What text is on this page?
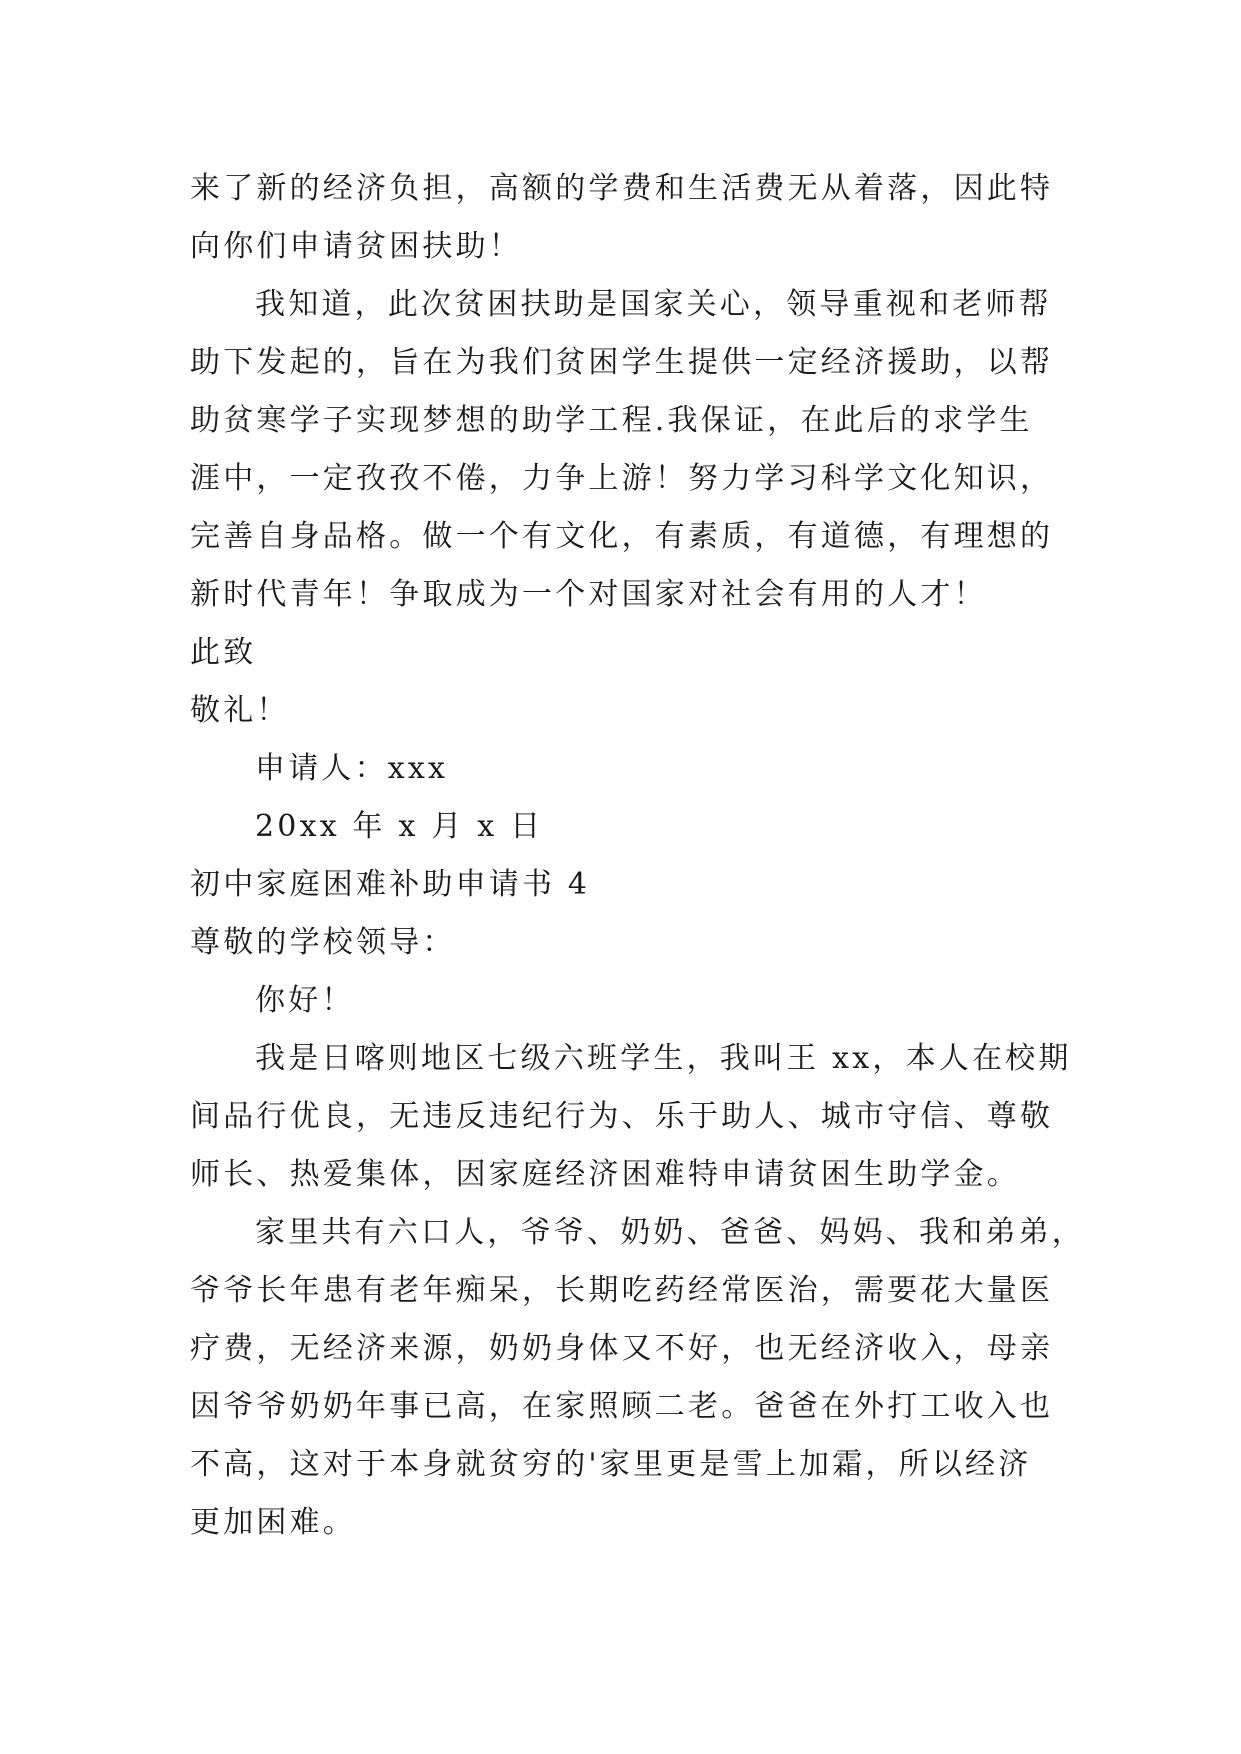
来了新的经济负担，高额的学费和生活费无从着落，因此特
向你们申请贫困扶助！
我知道，此次贫困扶助是国家关心，领导重视和老师帮
助下发起的，旨在为我们贫困学生提供一定经济援助，以帮
助贫寒学子实现梦想的助学工程.我保证，在此后的求学生
涯中，一定孜孜不倦，力争上游！努力学习科学文化知识，
完善自身品格。做一个有文化，有素质，有道德，有理想的
新时代青年！争取成为一个对国家对社会有用的人才！
此致
敬礼！
申请人：xxx
20xx 年 x 月 x 日
初中家庭困难补助申请书 4
尊敬的学校领导：
你好！
我是日喀则地区七级六班学生，我叫王 xx，本人在校期
间品行优良，无违反违纪行为、乐于助人、城市守信、尊敬
师长、热爱集体，因家庭经济困难特申请贫困生助学金。
家里共有六口人，爷爷、奶奶、爸爸、妈妈、我和弟弟，
爷爷长年患有老年痴呆，长期吃药经常医治，需要花大量医
疗费，无经济来源，奶奶身体又不好，也无经济收入，母亲
因爷爷奶奶年事已高，在家照顾二老。爸爸在外打工收入也
不高，这对于本身就贫穷的'家里更是雪上加霜，所以经济
更加困难。
